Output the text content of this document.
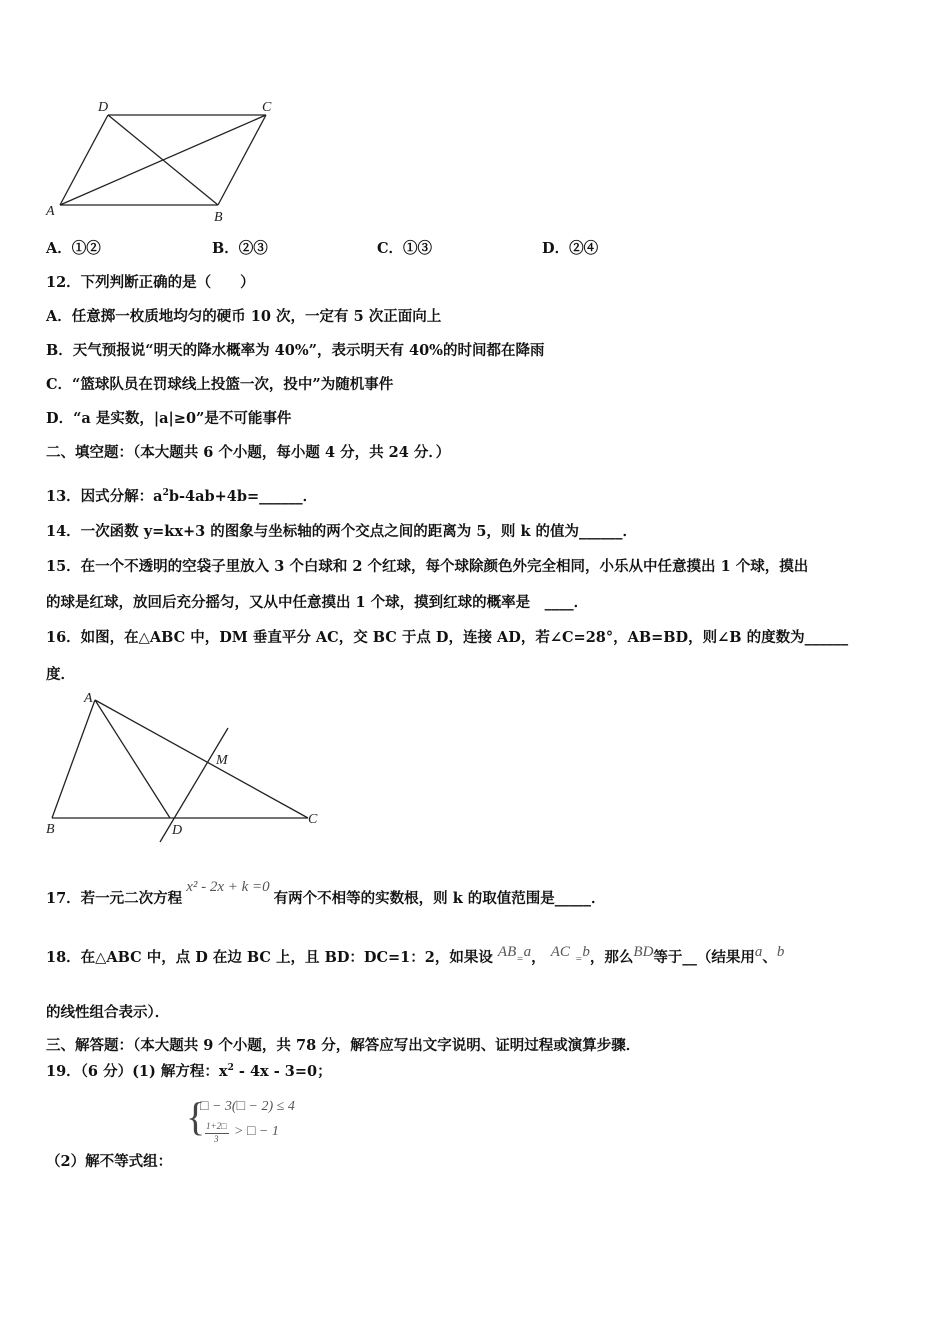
D	C
A	B
A．①②	B．②③	C．①③	D．②④
12．下列判断正确的是（　　）
A．任意掷一枚质地均匀的硬币 10 次，一定有 5 次正面向上
B．天气预报说“明天的降水概率为 40%”，表示明天有 40%的时间都在降雨
C．“篮球队员在罚球线上投篮一次，投中”为随机事件
D．“a 是实数，|a|≥0”是不可能事件
二、填空题：（本大题共 6 个小题，每小题 4 分，共 24 分．）
13．因式分解：$a^2b-4ab+4b=\_\_\_\_\_\_$．
14．一次函数 y=kx+3 的图象与坐标轴的两个交点之间的距离为 5，则 k 的值为______．
15．在一个不透明的空袋子里放入 3 个白球和 2 个红球，每个球除颜色外完全相同，小乐从中任意摸出 1 个球，摸出
的球是红球，放回后充分摇匀，又从中任意摸出 1 个球，摸到红球的概率是　____．
16．如图，在△ABC 中，DM 垂直平分 AC，交 BC 于点 D，连接 AD，若∠C=28°，AB=BD，则∠B 的度数为______
度．
A
M
B	D
C
17．若一元二次方程x² - 2x + k =0有两个不相等的实数根，则 k 的取值范围是_____．
18．在△ABC 中，点 D 在边 BC 上，且 BD：DC=1：2，如果设 AB=a， AC =b，那么BD等于__（结果用a、b
的线性组合表示）．
三、解答题：（本大题共 9 个小题，共 78 分，解答应写出文字说明、证明过程或演算步骤．
19．（6 分）(1) 解方程：$x^2 - 4x - 3=0$；
{
□ − 3(□ − 2) ≤ 4
1+2□
3 > □ − 1
（2）解不等式组：
